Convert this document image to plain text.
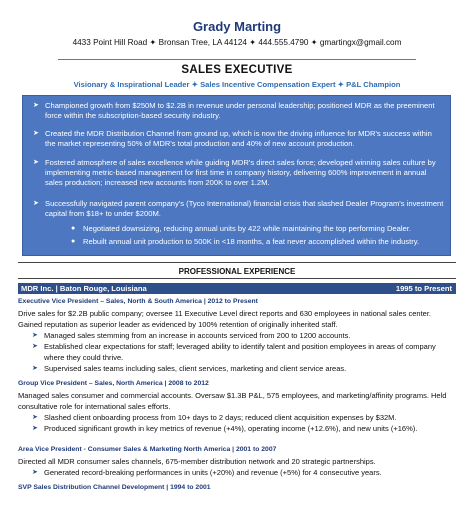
Grady Marting
4433 Point Hill Road ✦ Bronsan Tree, LA 44124 ✦ 444.555.4790 ✦ gmartingx@gmail.com
SALES EXECUTIVE
Visionary & Inspirational Leader ✦ Sales Incentive Compensation Expert ✦ P&L Champion
➤ Championed growth from $250M to $2.2B in revenue under personal leadership; positioned MDR as the preeminent force within the subscription-based security industry.
➤ Created the MDR Distribution Channel from ground up, which is now the driving influence for MDR's success within the market representing 50% of MDR's total production and 40% of new account production.
➤ Fostered atmosphere of sales excellence while guiding MDR's direct sales force; developed winning sales culture by implementing metric-based management for first time in company history, delivering 600% improvement in annual sales production; increased new accounts from 200K to over 1.2M.
➤ Successfully navigated parent company's (Tyco International) financial crisis that slashed Dealer Program's investment capital from $18+ to under $200M.
● Negotiated downsizing, reducing annual units by 422 while maintaining the top performing Dealer.
● Rebuilt annual unit production to 500K in <18 months, a feat never accomplished within the industry.
PROFESSIONAL EXPERIENCE
MDR Inc. | Baton Rouge, Louisiana	1995 to Present
Executive Vice President – Sales, North & South America | 2012 to Present
Drive sales for $2.2B public company; oversee 11 Executive Level direct reports and 630 employees in national sales center. Gained reputation as superior leader as evidenced by 100% retention of originally inherited staff.
➤ Managed sales stemming from an increase in accounts serviced from 200 to 1200 accounts.
➤ Established clear expectations for staff; leveraged ability to identify talent and position employees in areas of company where they could thrive.
➤ Supervised sales teams including sales, client services, marketing and client service areas.
Group Vice President – Sales, North America | 2008 to 2012
Managed sales consumer and commercial accounts. Oversaw $1.3B P&L, 575 employees, and marketing/affinity programs. Held consultative role for international sales efforts.
➤ Slashed client onboarding process from 10+ days to 2 days; reduced client acquisition expenses by $32M.
➤ Produced significant growth in key metrics of revenue (+4%), operating income (+12.6%), and new units (+16%).
Area Vice President - Consumer Sales & Marketing North America | 2001 to 2007
Directed all MDR consumer sales channels, 675-member distribution network and 20 strategic partnerships.
➤ Generated record-breaking performances in units (+20%) and revenue (+5%) for 4 consecutive years.
SVP Sales Distribution Channel Development | 1994 to 2001
